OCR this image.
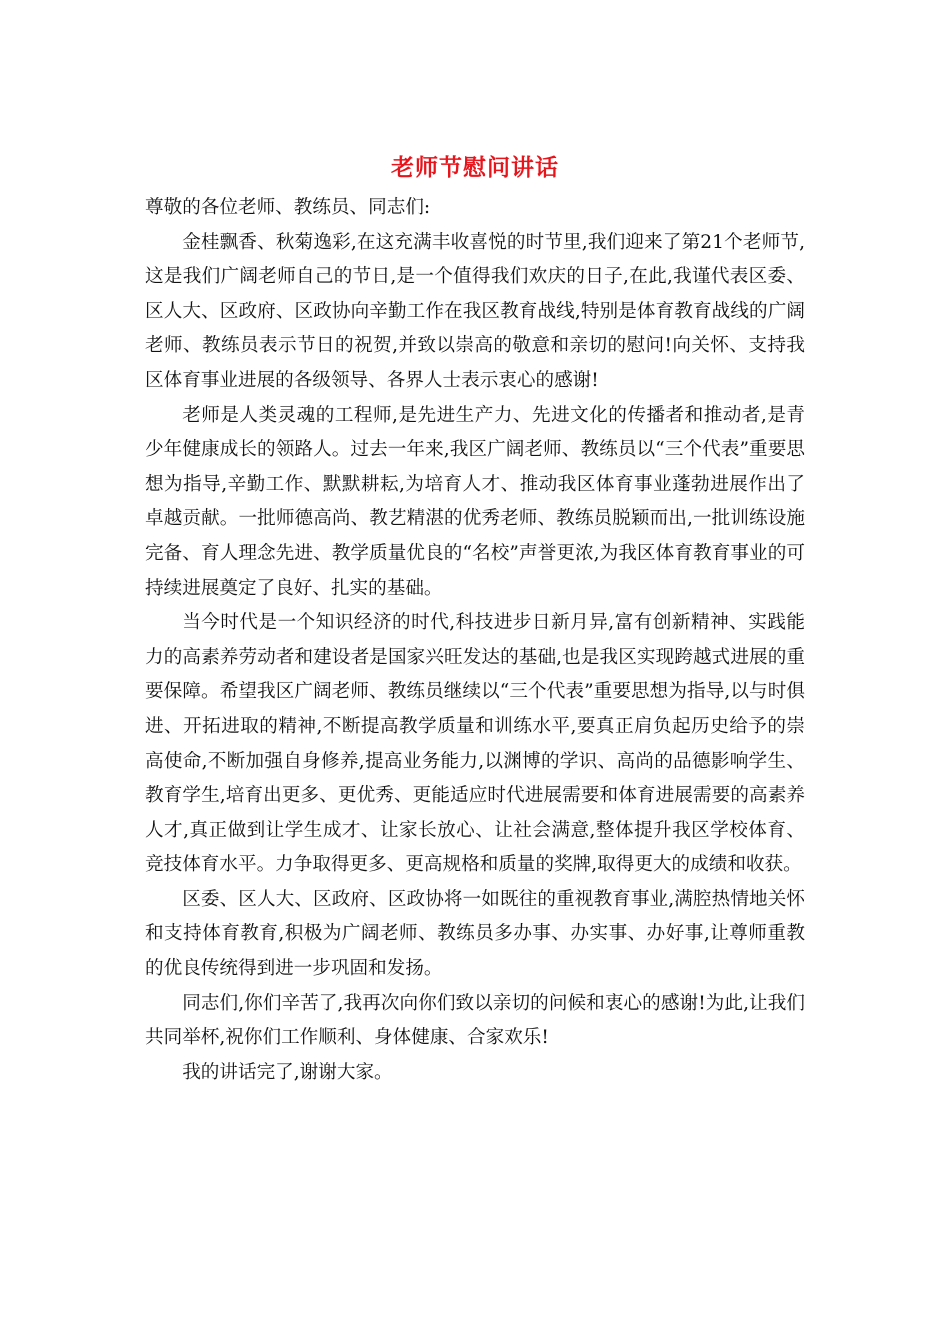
老师节慰问讲话

尊敬的各位老师、教练员、同志们:

金桂飘香、秋菊逸彩,在这充满丰收喜悦的时节里,我们迎来了第21个老师节,这是我们广阔老师自己的节日,是一个值得我们欢庆的日子,在此,我谨代表区委、区人大、区政府、区政协向辛勤工作在我区教育战线,特别是体育教育战线的广阔老师、教练员表示节日的祝贺,并致以崇高的敬意和亲切的慰问!向关怀、支持我区体育事业进展的各级领导、各界人士表示衷心的感谢!

老师是人类灵魂的工程师,是先进生产力、先进文化的传播者和推动者,是青少年健康成长的领路人。过去一年来,我区广阔老师、教练员以“三个代表”重要思想为指导,辛勤工作、默默耕耘,为培育人才、推动我区体育事业蓬勃进展作出了卓越贡献。一批师德高尚、教艺精湛的优秀老师、教练员脱颖而出,一批训练设施完备、育人理念先进、教学质量优良的“名校”声誉更浓,为我区体育教育事业的可持续进展奠定了良好、扎实的基础。

当今时代是一个知识经济的时代,科技进步日新月异,富有创新精神、实践能力的高素养劳动者和建设者是国家兴旺发达的基础,也是我区实现跨越式进展的重要保障。希望我区广阔老师、教练员继续以“三个代表”重要思想为指导,以与时俱进、开拓进取的精神,不断提高教学质量和训练水平,要真正肩负起历史给予的崇高使命,不断加强自身修养,提高业务能力,以渊博的学识、高尚的品德影响学生、教育学生,培育出更多、更优秀、更能适应时代进展需要和体育进展需要的高素养人才,真正做到让学生成才、让家长放心、让社会满意,整体提升我区学校体育、竞技体育水平。力争取得更多、更高规格和质量的奖牌,取得更大的成绩和收获。

区委、区人大、区政府、区政协将一如既往的重视教育事业,满腔热情地关怀和支持体育教育,积极为广阔老师、教练员多办事、办实事、办好事,让尊师重教的优良传统得到进一步巩固和发扬。

同志们,你们辛苦了,我再次向你们致以亲切的问候和衷心的感谢!为此,让我们共同举杯,祝你们工作顺利、身体健康、合家欢乐!

我的讲话完了,谢谢大家。
